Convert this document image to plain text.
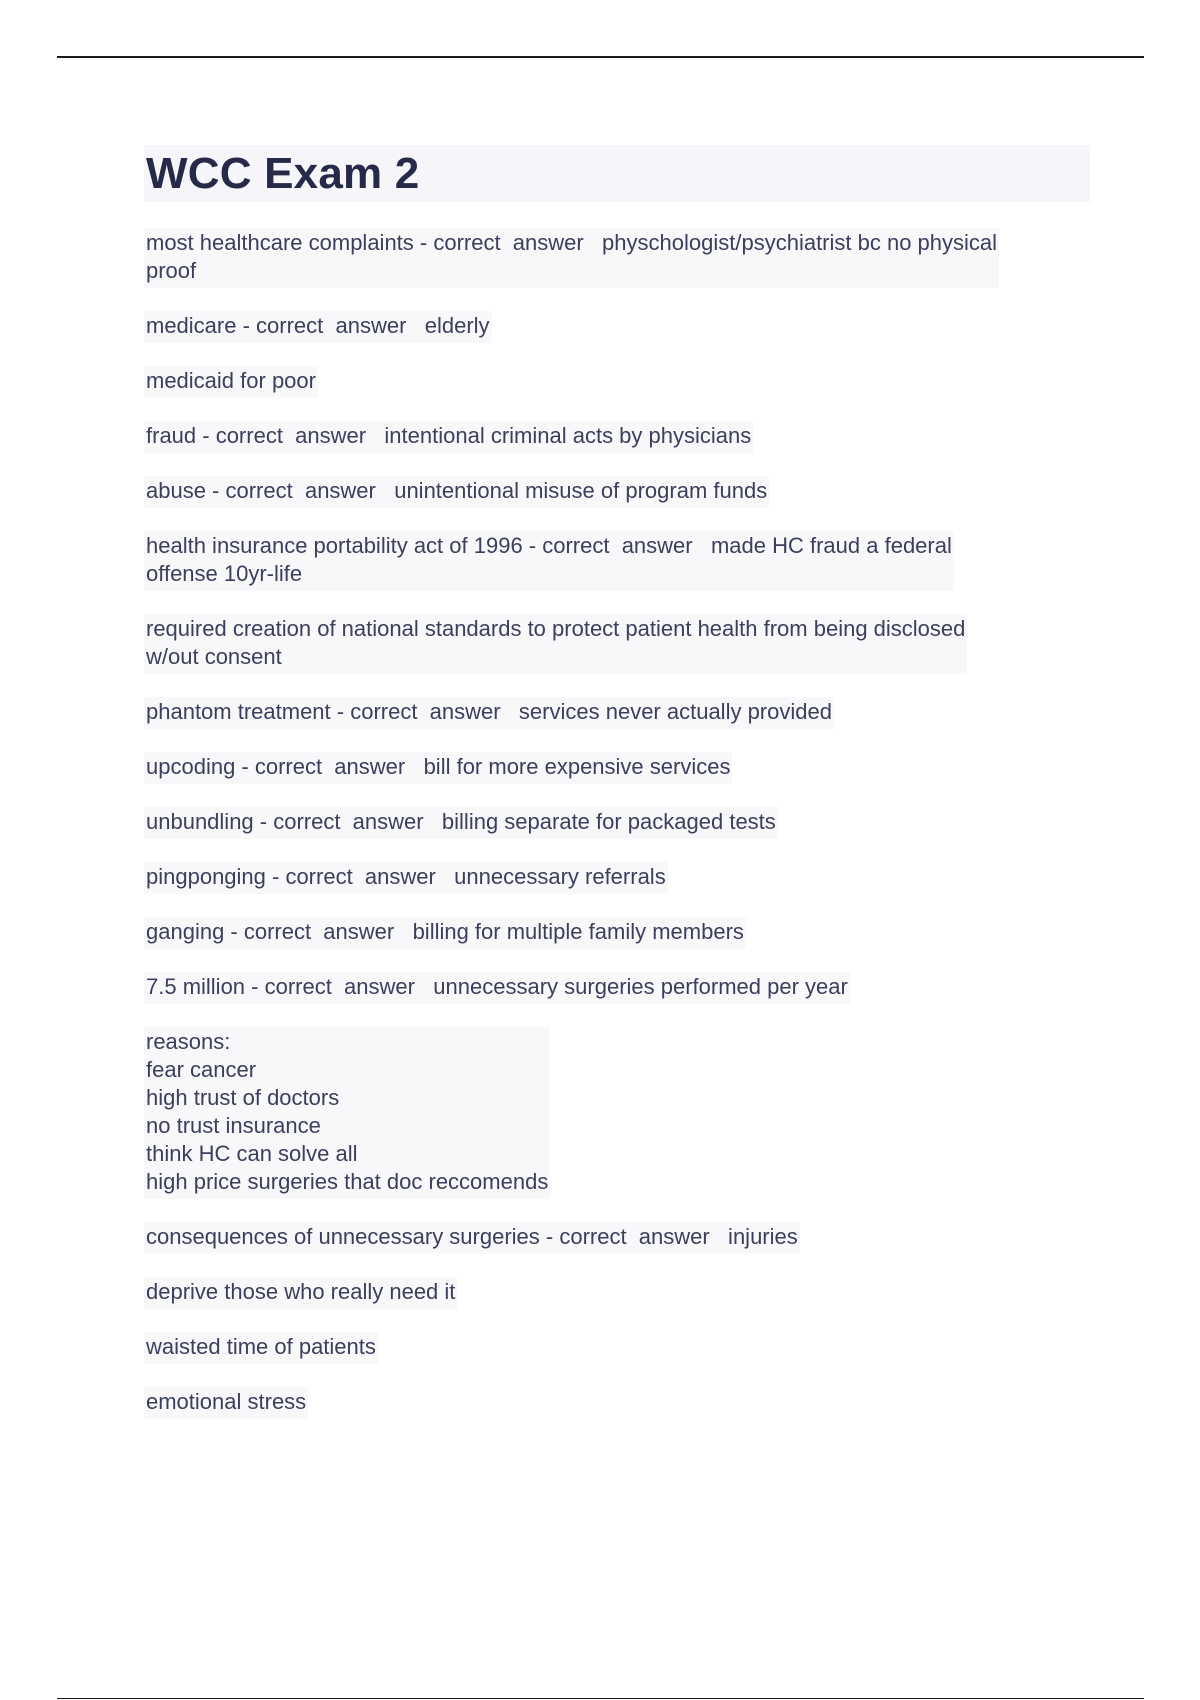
WCC Exam 2
most healthcare complaints - correct  answer   physchologist/psychiatrist bc no physical
proof
medicare - correct  answer   elderly
medicaid for poor
fraud - correct  answer   intentional criminal acts by physicians
abuse - correct  answer   unintentional misuse of program funds
health insurance portability act of 1996 - correct  answer   made HC fraud a federal
offense 10yr-life
required creation of national standards to protect patient health from being disclosed
w/out consent
phantom treatment - correct  answer   services never actually provided
upcoding - correct  answer   bill for more expensive services
unbundling - correct  answer   billing separate for packaged tests
pingponging - correct  answer   unnecessary referrals
ganging - correct  answer   billing for multiple family members
7.5 million - correct  answer   unnecessary surgeries performed per year
reasons:
fear cancer
high trust of doctors
no trust insurance
think HC can solve all
high price surgeries that doc reccomends
consequences of unnecessary surgeries - correct  answer   injuries
deprive those who really need it
waisted time of patients
emotional stress
